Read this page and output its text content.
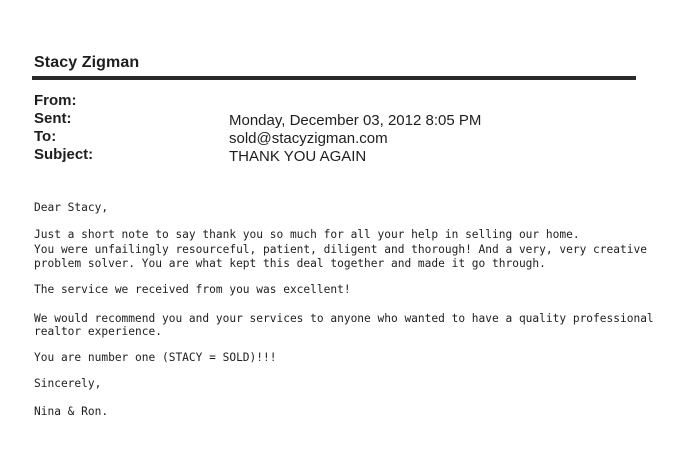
Stacy Zigman
From:
Sent:	Monday, December 03, 2012 8:05 PM
To:	sold@stacyzigman.com
Subject:	THANK YOU AGAIN
Dear Stacy,
Just a short note to say thank you so much for all your help in selling our home.
You were unfailingly resourceful, patient, diligent and thorough! And a very, very creative
problem solver. You are what kept this deal together and made it go through.
The service we received from you was excellent!
We would recommend you and your services to anyone who wanted to have a quality professional
realtor experience.
You are number one (STACY = SOLD)!!!
Sincerely,
Nina & Ron.
